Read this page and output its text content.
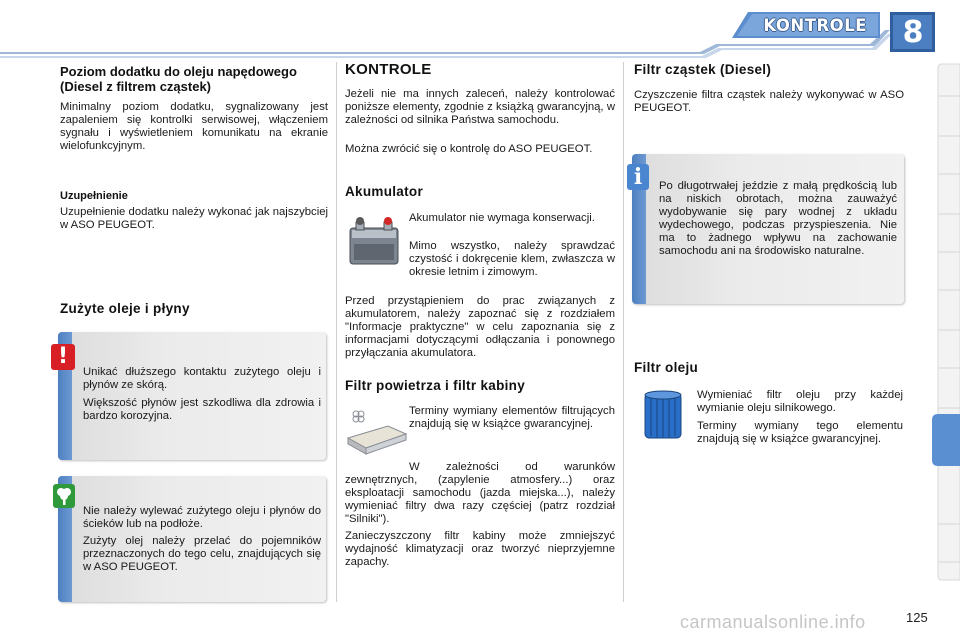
KONTROLE	8
Poziom dodatku do oleju napędowego (Diesel z filtrem cząstek)

Minimalny poziom dodatku, sygnalizowany jest zapaleniem się kontrolki serwisowej, włączeniem sygnału i wyświetleniem komunikatu na ekranie wielofunkcyjnym.

Uzupełnienie

Uzupełnienie dodatku należy wykonać jak najszybciej w ASO PEUGEOT.

Zużyte oleje i płyny
!

Unikać dłuższego kontaktu zużytego oleju i płynów ze skórą.

Większość płynów jest szkodliwa dla zdrowia i bardzo korozyjna.

Nie należy wylewać zużytego oleju i płynów do ścieków lub na podłoże.

Zużyty olej należy przelać do pojemników przeznaczonych do tego celu, znajdujących się w ASO PEUGEOT.

KONTROLE

Jeżeli nie ma innych zaleceń, należy kontrolować poniższe elementy, zgodnie z książką gwarancyjną, w zależności od silnika Państwa samochodu.

Można zwrócić się o kontrolę do ASO PEUGEOT.

Akumulator

Akumulator nie wymaga konserwacji.

Mimo wszystko, należy sprawdzać czystość i dokręcenie klem, zwłaszcza w okresie letnim i zimowym.

Przed przystąpieniem do prac związanych z akumulatorem, należy zapoznać się z rozdziałem "Informacje praktyczne" w celu zapoznania się z informacjami dotyczącymi odłączania i ponownego przyłączania akumulatora.

Filtr powietrza i filtr kabiny

Terminy wymiany elementów filtrujących znajdują się w książce gwarancyjnej.

W zależności od warunków zewnętrznych, (zapylenie atmosfery...) oraz eksploatacji samochodu (jazda miejska...), należy wymieniać filtry dwa razy częściej (patrz rozdział "Silniki").

Zanieczyszczony filtr kabiny może zmniejszyć wydajność klimatyzacji oraz tworzyć nieprzyjemne zapachy.

Filtr cząstek (Diesel)

Czyszczenie filtra cząstek należy wykonywać w ASO PEUGEOT.

i	Po długotrwałej jeździe z małą prędkością lub na niskich obrotach, można zauważyć wydobywanie się pary wodnej z układu wydechowego, podczas przyspieszenia. Nie ma to żadnego wpływu na zachowanie samochodu ani na środowisko naturalne.

Filtr oleju

Wymieniać filtr oleju przy każdej wymianie oleju silnikowego.

Terminy wymiany tego elementu znajdują się w książce gwarancyjnej.

carmanualsonline.info	125
